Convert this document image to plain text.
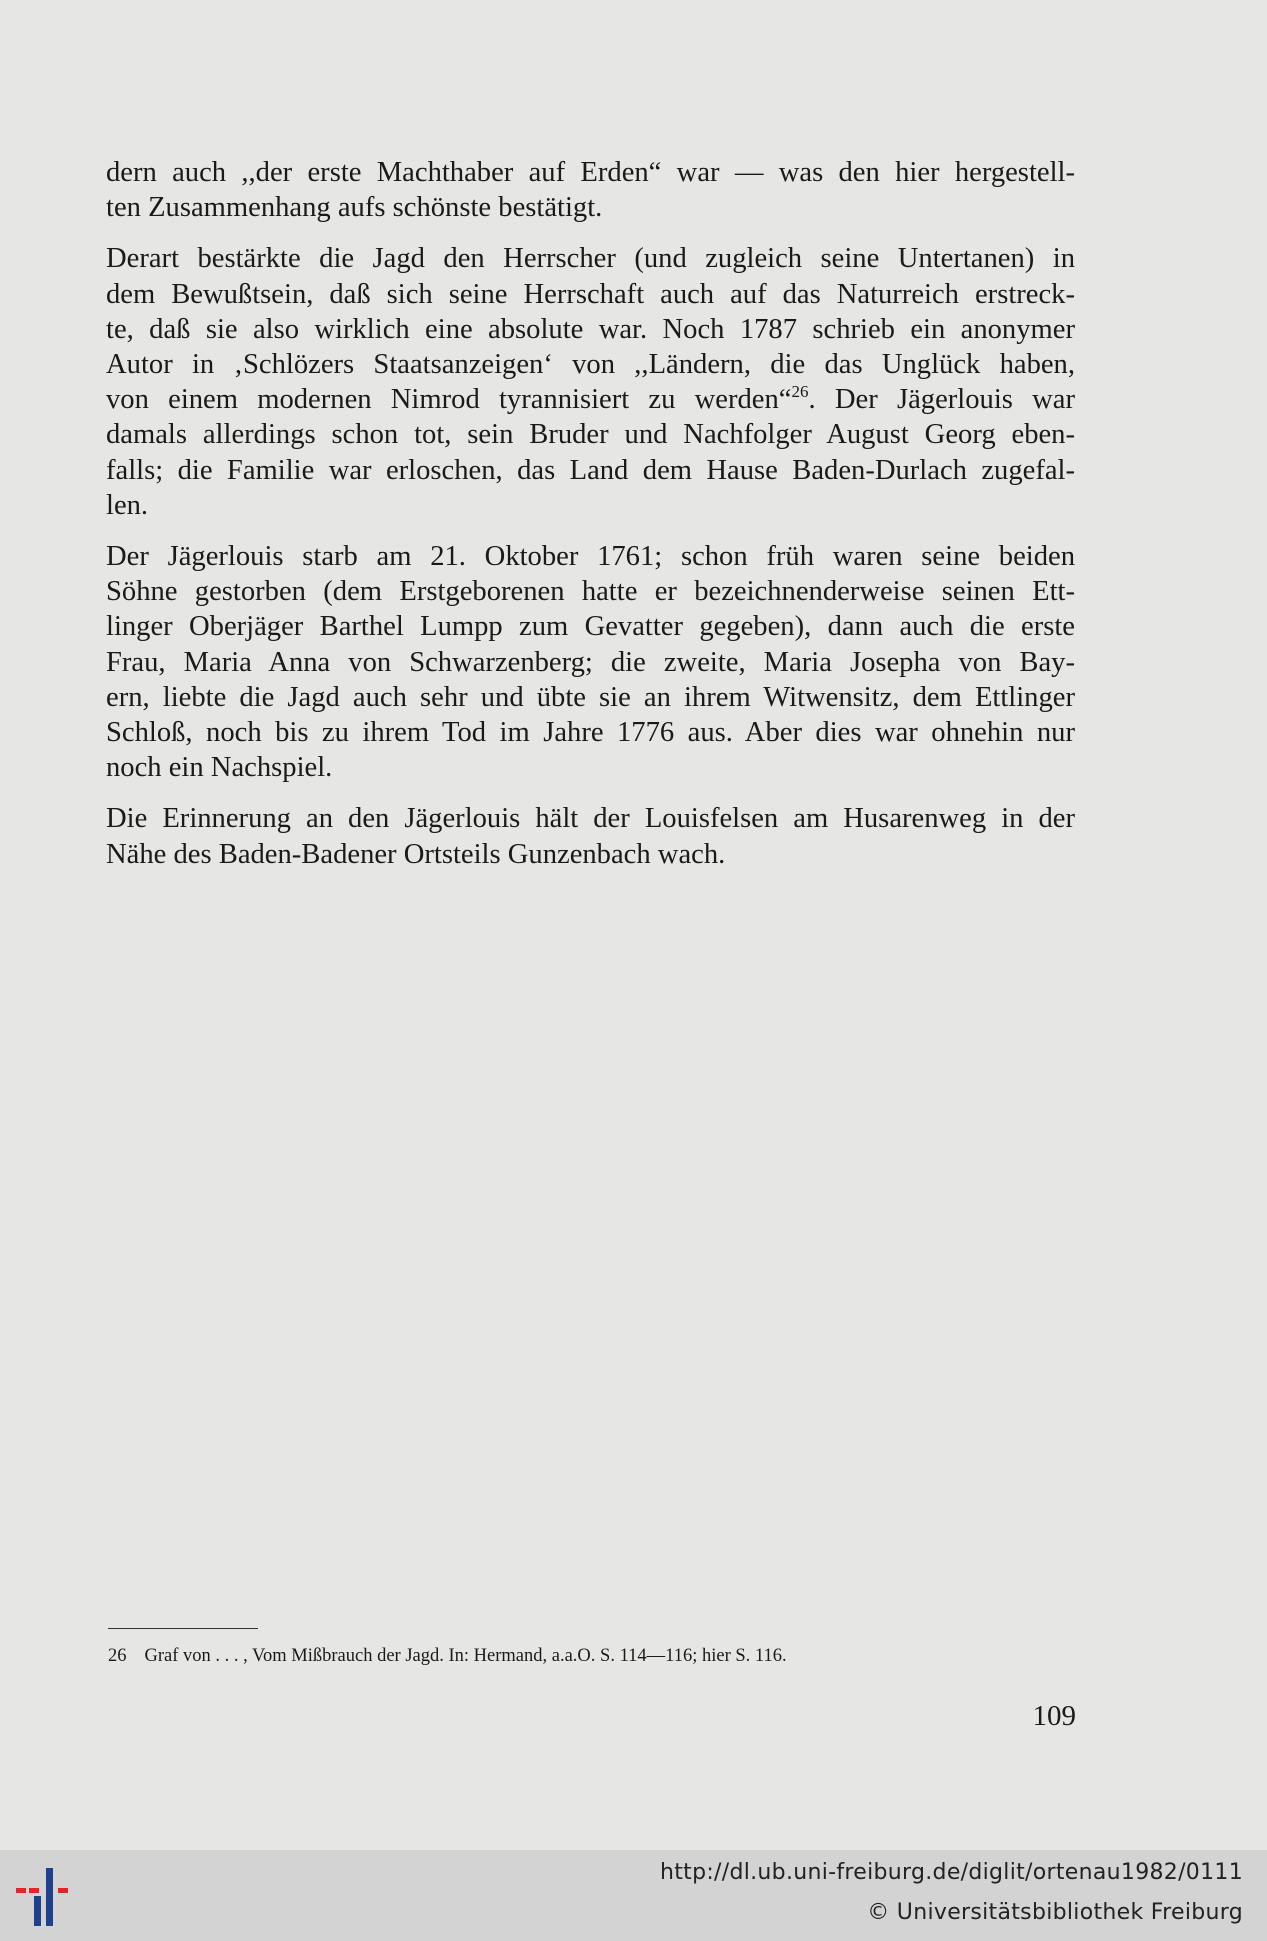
dern auch ,,der erste Machthaber auf Erden“ war — was den hier hergestell-
ten Zusammenhang aufs schönste bestätigt.

Derart bestärkte die Jagd den Herrscher (und zugleich seine Untertanen) in
dem Bewußtsein, daß sich seine Herrschaft auch auf das Naturreich erstreck-
te, daß sie also wirklich eine absolute war. Noch 1787 schrieb ein anonymer
Autor in ‚Schlözers Staatsanzeigen‘ von ,,Ländern, die das Unglück haben,
von einem modernen Nimrod tyrannisiert zu werden“$^{26}$. Der Jägerlouis war
damals allerdings schon tot, sein Bruder und Nachfolger August Georg eben-
falls; die Familie war erloschen, das Land dem Hause Baden-Durlach zugefal-
len.

Der Jägerlouis starb am 21. Oktober 1761; schon früh waren seine beiden
Söhne gestorben (dem Erstgeborenen hatte er bezeichnenderweise seinen Ett-
linger Oberjäger Barthel Lumpp zum Gevatter gegeben), dann auch die erste
Frau, Maria Anna von Schwarzenberg; die zweite, Maria Josepha von Bay-
ern, liebte die Jagd auch sehr und übte sie an ihrem Witwensitz, dem Ettlinger
Schloß, noch bis zu ihrem Tod im Jahre 1776 aus. Aber dies war ohnehin nur
noch ein Nachspiel.

Die Erinnerung an den Jägerlouis hält der Louisfelsen am Husarenweg in der
Nähe des Baden-Badener Ortsteils Gunzenbach wach.

26 Graf von . . . , Vom Mißbrauch der Jagd. In: Hermand, a.a.O. S. 114—116; hier S. 116.
109
http://dl.ub.uni-freiburg.de/diglit/ortenau1982/0111
© Universitätsbibliothek Freiburg
